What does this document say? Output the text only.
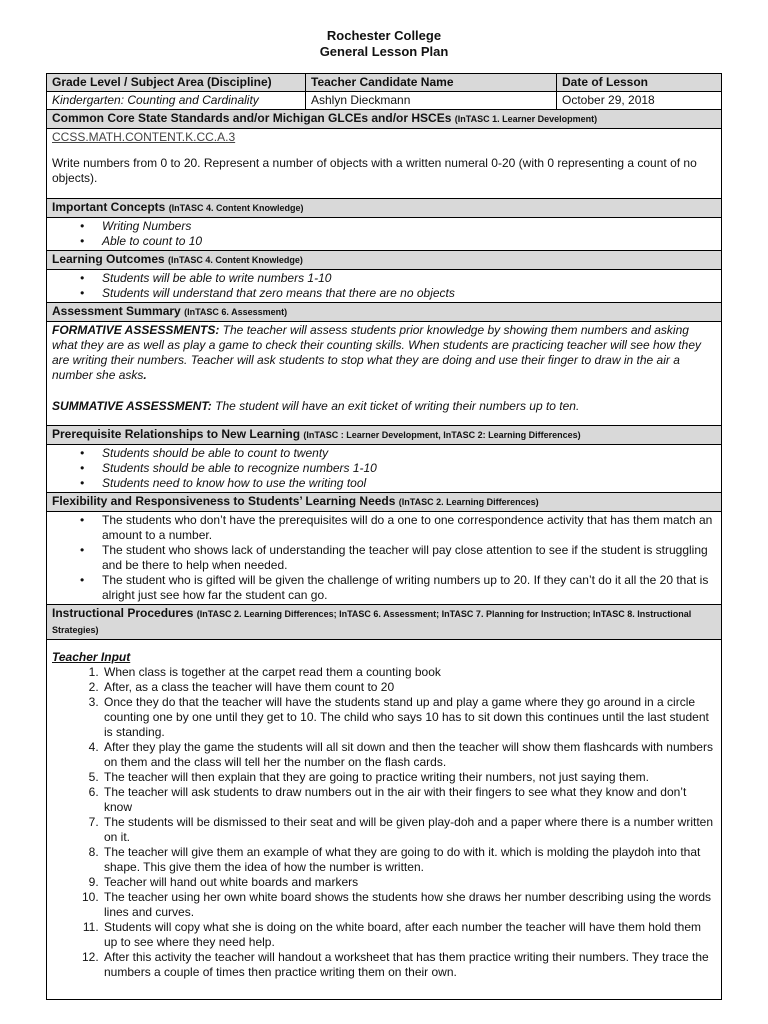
Rochester College
General Lesson Plan
Grade Level / Subject Area (Discipline)	Teacher Candidate Name	Date of Lesson
Kindergarten: Counting and Cardinality	Ashlyn Dieckmann	October 29, 2018
Common Core State Standards and/or Michigan GLCEs and/or HSCEs (InTASC 1. Learner Development)
CCSS.MATH.CONTENT.K.CC.A.3

Write numbers from 0 to 20. Represent a number of objects with a written numeral 0-20 (with 0 representing a count of no objects).

Important Concepts (InTASC 4. Content Knowledge)
• Writing Numbers
• Able to count to 10
Learning Outcomes (InTASC 4. Content Knowledge)
• Students will be able to write numbers 1-10
• Students will understand that zero means that there are no objects
Assessment Summary (InTASC 6. Assessment)

FORMATIVE ASSESSMENTS: The teacher will assess students prior knowledge by showing them numbers and asking what they are as well as play a game to check their counting skills. When students are practicing teacher will see how they are writing their numbers. Teacher will ask students to stop what they are doing and use their finger to draw in the air a number she asks.

SUMMATIVE ASSESSMENT: The student will have an exit ticket of writing their numbers up to ten.

Prerequisite Relationships to New Learning (InTASC : Learner Development, InTASC 2: Learning Differences)
• Students should be able to count to twenty
• Students should be able to recognize numbers 1-10
• Students need to know how to use the writing tool
Flexibility and Responsiveness to Students’ Learning Needs (InTASC 2. Learning Differences)
• The students who don’t have the prerequisites will do a one to one correspondence activity that has them match an amount to a number.
• The student who shows lack of understanding the teacher will pay close attention to see if the student is struggling and be there to help when needed.
• The student who is gifted will be given the challenge of writing numbers up to 20. If they can’t do it all the 20 that is alright just see how far the student can go.
Instructional Procedures (InTASC 2. Learning Differences; InTASC 6. Assessment; InTASC 7. Planning for Instruction; InTASC 8. Instructional Strategies)
Teacher Input
1. When class is together at the carpet read them a counting book
2. After, as a class the teacher will have them count to 20
3. Once they do that the teacher will have the students stand up and play a game where they go around in a circle counting one by one until they get to 10. The child who says 10 has to sit down this continues until the last student is standing.
4. After they play the game the students will all sit down and then the teacher will show them flashcards with numbers on them and the class will tell her the number on the flash cards.
5. The teacher will then explain that they are going to practice writing their numbers, not just saying them.
6. The teacher will ask students to draw numbers out in the air with their fingers to see what they know and don’t know
7. The students will be dismissed to their seat and will be given play-doh and a paper where there is a number written on it.
8. The teacher will give them an example of what they are going to do with it. which is molding the playdoh into that shape. This give them the idea of how the number is written.
9. Teacher will hand out white boards and markers
10. The teacher using her own white board shows the students how she draws her number describing using the words lines and curves.
11. Students will copy what she is doing on the white board, after each number the teacher will have them hold them up to see where they need help.
12. After this activity the teacher will handout a worksheet that has them practice writing their numbers. They trace the numbers a couple of times then practice writing them on their own.
